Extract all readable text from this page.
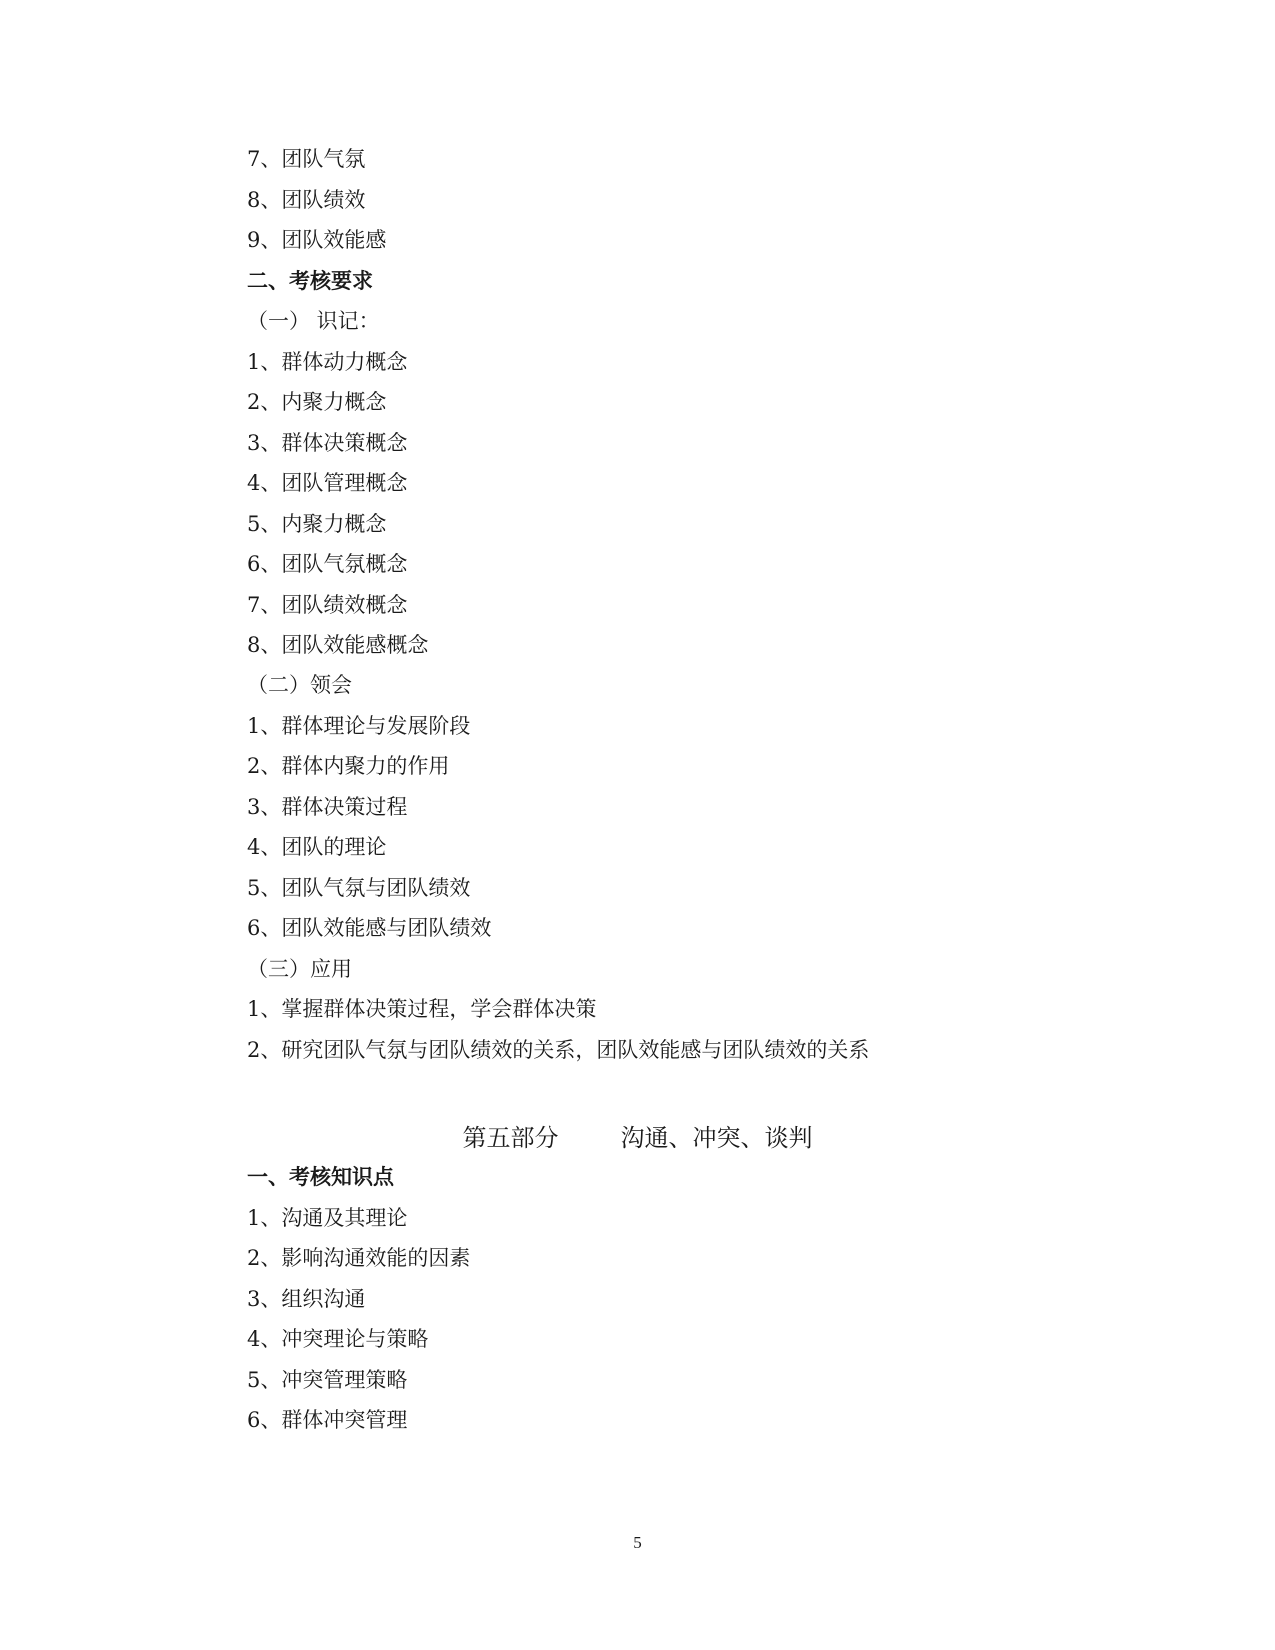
7、团队气氛
8、团队绩效
9、团队效能感
二、考核要求
（一） 识记：
1、群体动力概念
2、内聚力概念
3、群体决策概念
4、团队管理概念
5、内聚力概念
6、团队气氛概念
7、团队绩效概念
8、团队效能感概念
（二）领会
1、群体理论与发展阶段
2、群体内聚力的作用
3、群体决策过程
4、团队的理论
5、团队气氛与团队绩效
6、团队效能感与团队绩效
（三）应用
1、掌握群体决策过程，学会群体决策
2、研究团队气氛与团队绩效的关系，团队效能感与团队绩效的关系
第五部分	沟通、冲突、谈判
一、考核知识点
1、沟通及其理论
2、影响沟通效能的因素
3、组织沟通
4、冲突理论与策略
5、冲突管理策略
6、群体冲突管理
5
